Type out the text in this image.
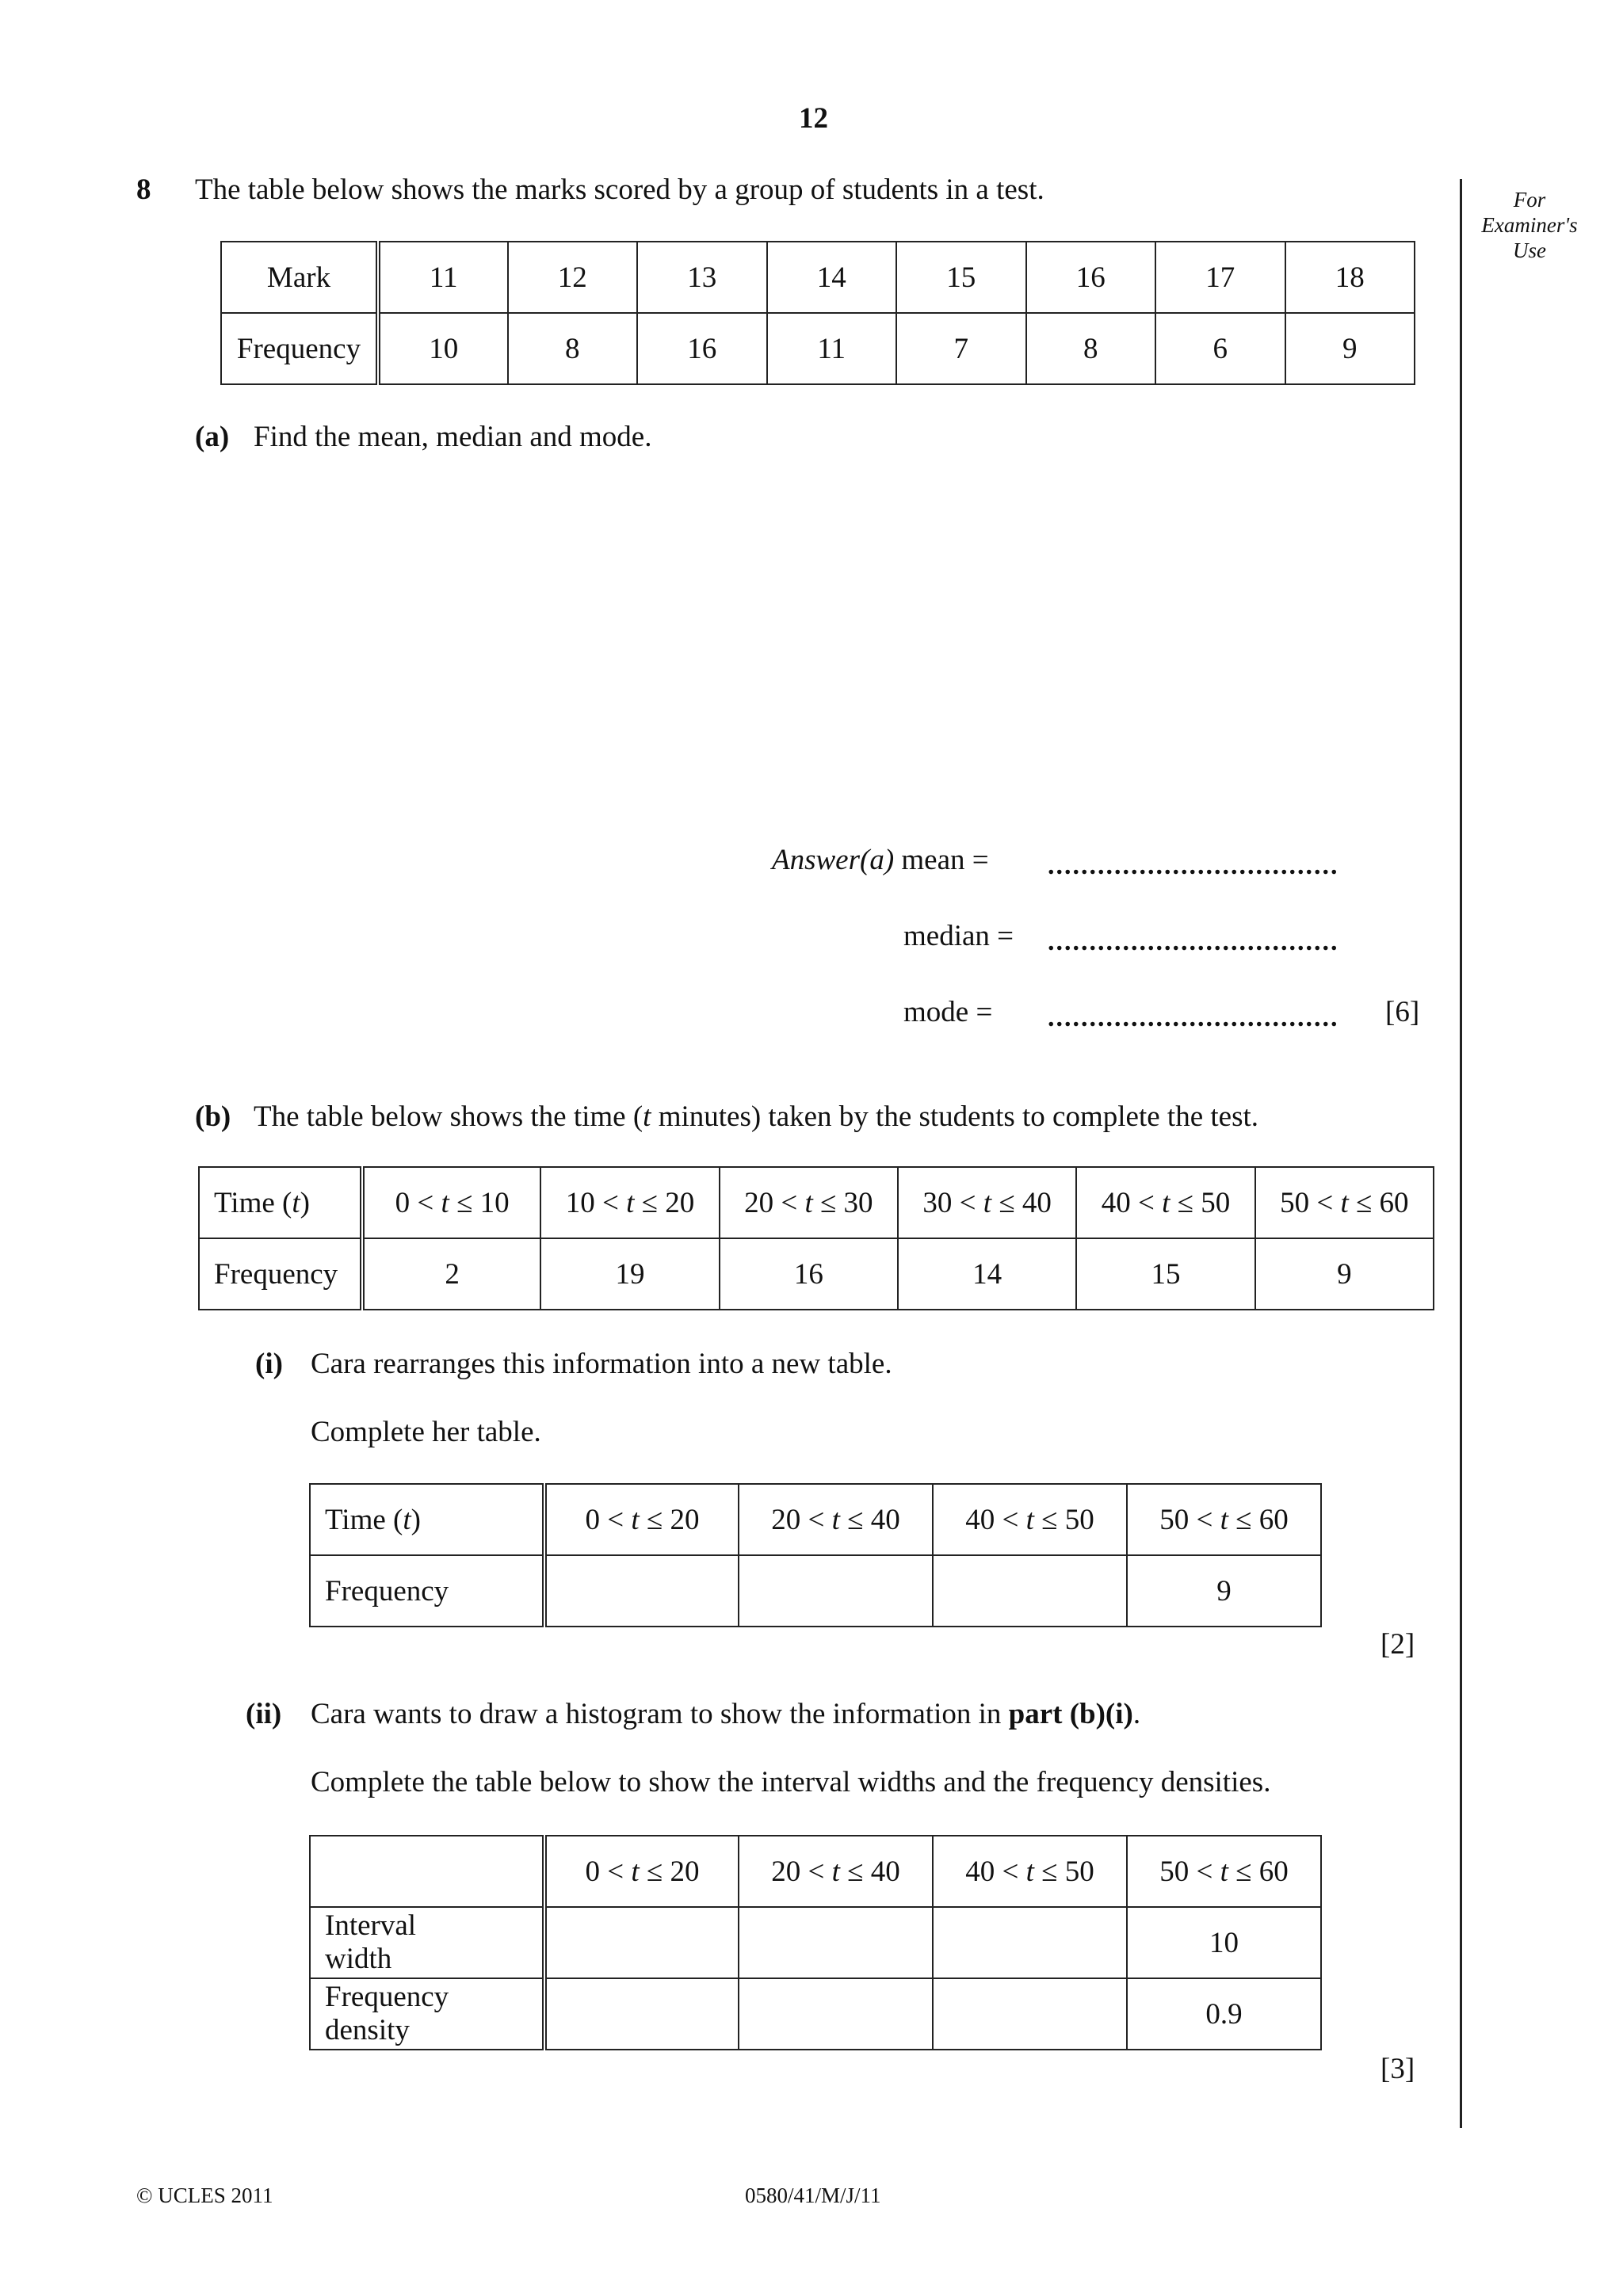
12
For
Examiner's
Use
8 The table below shows the marks scored by a group of students in a test.
Mark	11	12	13	14	15	16	17	18
Frequency	10	8	16	11	7	8	6	9
(a) Find the mean, median and mode.
Answer(a) mean = ...................................
median = ...................................
mode = ................................... [6]
(b) The table below shows the time (t minutes) taken by the students to complete the test.
Time (t)	0 < t ≤ 10	10 < t ≤ 20	20 < t ≤ 30	30 < t ≤ 40	40 < t ≤ 50	50 < t ≤ 60
Frequency	2	19	16	14	15	9
(i) Cara rearranges this information into a new table.
Complete her table.
Time (t)	0 < t ≤ 20	20 < t ≤ 40	40 < t ≤ 50	50 < t ≤ 60
Frequency				9
[2]
(ii) Cara wants to draw a histogram to show the information in part (b)(i).
Complete the table below to show the interval widths and the frequency densities.
	0 < t ≤ 20	20 < t ≤ 40	40 < t ≤ 50	50 < t ≤ 60

Interval
width				10

Frequency
density				0.9
[3]
© UCLES 2011	0580/41/M/J/11
